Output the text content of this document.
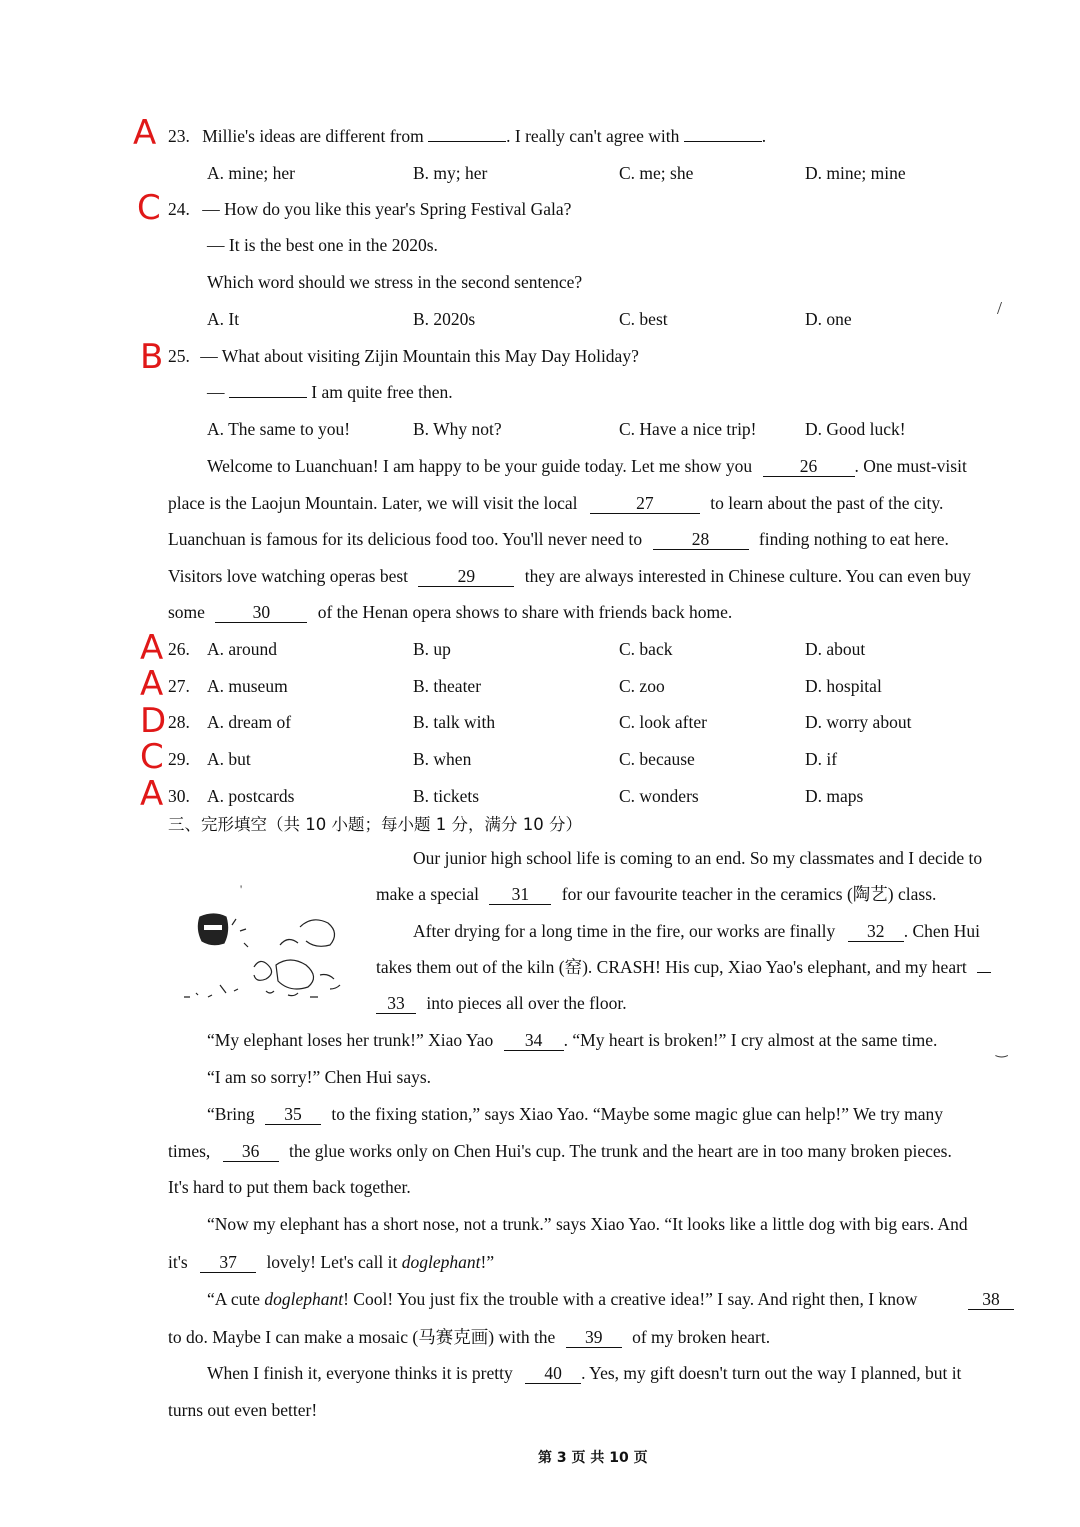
A 23. Millie's ideas are different from	. I really can't agree with	.
A. mine; her	B. my; her	C. me; she	D. mine; mine
C 24. — How do you like this year's Spring Festival Gala?
— It is the best one in the 2020s.
Which word should we stress in the second sentence?
A. It	B. 2020s	C. best	D. one
/
B 25. — What about visiting Zijin Mountain this May Day Holiday?
—	I am quite free then.
A. The same to you!	B. Why not?	C. Have a nice trip!	D. Good luck!
Welcome to Luanchuan! I am happy to be your guide today. Let me show you	26 . One must-visit
place is the Laojun Mountain. Later, we will visit the local	27	to learn about the past of the city.
Luanchuan is famous for its delicious food too. You'll never need to	28	finding nothing to eat here.
Visitors love watching operas best	29	they are always interested in Chinese culture. You can even buy
some	30	of the Henan opera shows to share with friends back home.
A 26. A. around	B. up	C. back	D. about
A 27. A. museum	B. theater	C. zoo	D. hospital
D 28. A. dream of	B. talk with	C. look after	D. worry about
C 29. A. but	B. when	C. because	D. if
A 30. A. postcards	B. tickets	C. wonders	D. maps
三、完形填空（共 10 小题；每小题 1 分，满分 10 分）
'
Our junior high school life is coming to an end. So my classmates and I decide to
make a special 31 for our favourite teacher in the ceramics (陶艺) class.
After drying for a long time in the fire, our works are finally 32 . Chen Hui
takes them out of the kiln (窑). CRASH! His cup, Xiao Yao's elephant, and my heart
33 into pieces all over the floor.
“My elephant loses her trunk!” Xiao Yao 34 . “My heart is broken!” I cry almost at the same time.
‿
“I am so sorry!” Chen Hui says.
“Bring 35 to the fixing station,” says Xiao Yao. “Maybe some magic glue can help!” We try many
times, 36 the glue works only on Chen Hui's cup. The trunk and the heart are in too many broken pieces.
It's hard to put them back together.
“Now my elephant has a short nose, not a trunk.” says Xiao Yao. “It looks like a little dog with big ears. And
it's 37 lovely! Let's call it doglephant!”
“A cute doglephant! Cool! You just fix the trouble with a creative idea!” I say. And right then, I know	38
to do. Maybe I can make a mosaic (马赛克画) with the 39 of my broken heart.
When I finish it, everyone thinks it is pretty 40 . Yes, my gift doesn't turn out the way I planned, but it
turns out even better!
第 3 页 共 10 页
